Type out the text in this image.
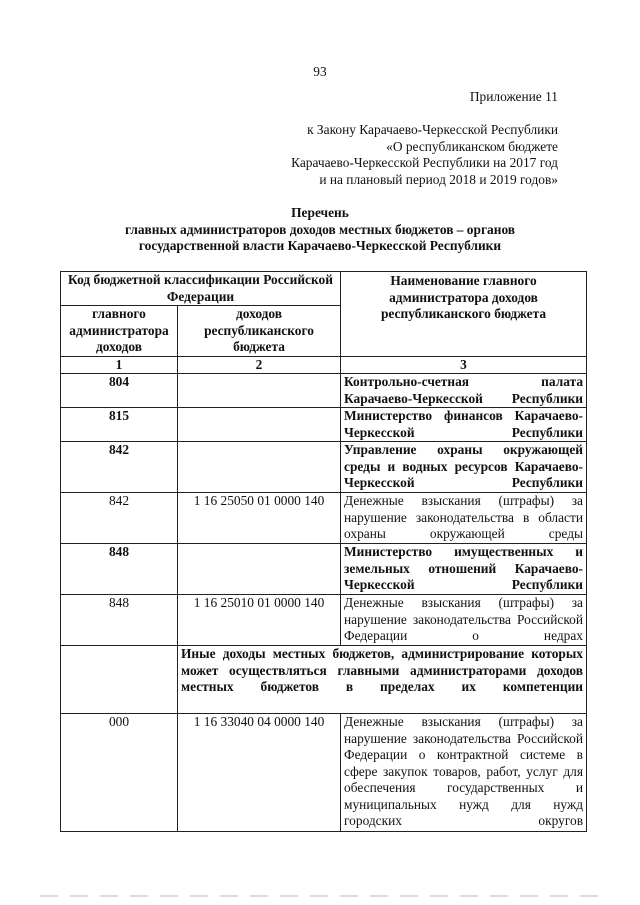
93
Приложение 11
к Закону Карачаево-Черкесской Республики
«О республиканском бюджете
Карачаево-Черкесской Республики на 2017 год
и на плановый период 2018 и 2019 годов»
Перечень
главных администраторов доходов местных бюджетов – органов
государственной власти Карачаево-Черкесской Республики
Код бюджетной классификации Российской Федерации		Наименование главного администратора доходов республиканского бюджета
главного администратора доходов	доходов республиканского бюджета	
1	2	3
804		Контрольно-счетная палата Карачаево-Черкесской Республики
815		Министерство финансов Карачаево-Черкесской Республики
842		Управление охраны окружающей среды и водных ресурсов Карачаево-Черкесской Республики
842	1 16 25050 01 0000 140	Денежные взыскания (штрафы) за нарушение законодательства в области охраны окружающей среды
848		Министерство имущественных и земельных отношений Карачаево-Черкесской Республики
848	1 16 25010 01 0000 140	Денежные взыскания (штрафы) за нарушение законодательства Российской Федерации о недрах
	Иные доходы местных бюджетов, администрирование которых может осуществляться главными администраторами доходов местных бюджетов в пределах их компетенции	
000	1 16 33040 04 0000 140	Денежные взыскания (штрафы) за нарушение законодательства Российской Федерации о контрактной системе в сфере закупок товаров, работ, услуг для обеспечения государственных и муниципальных нужд для нужд городских округов
